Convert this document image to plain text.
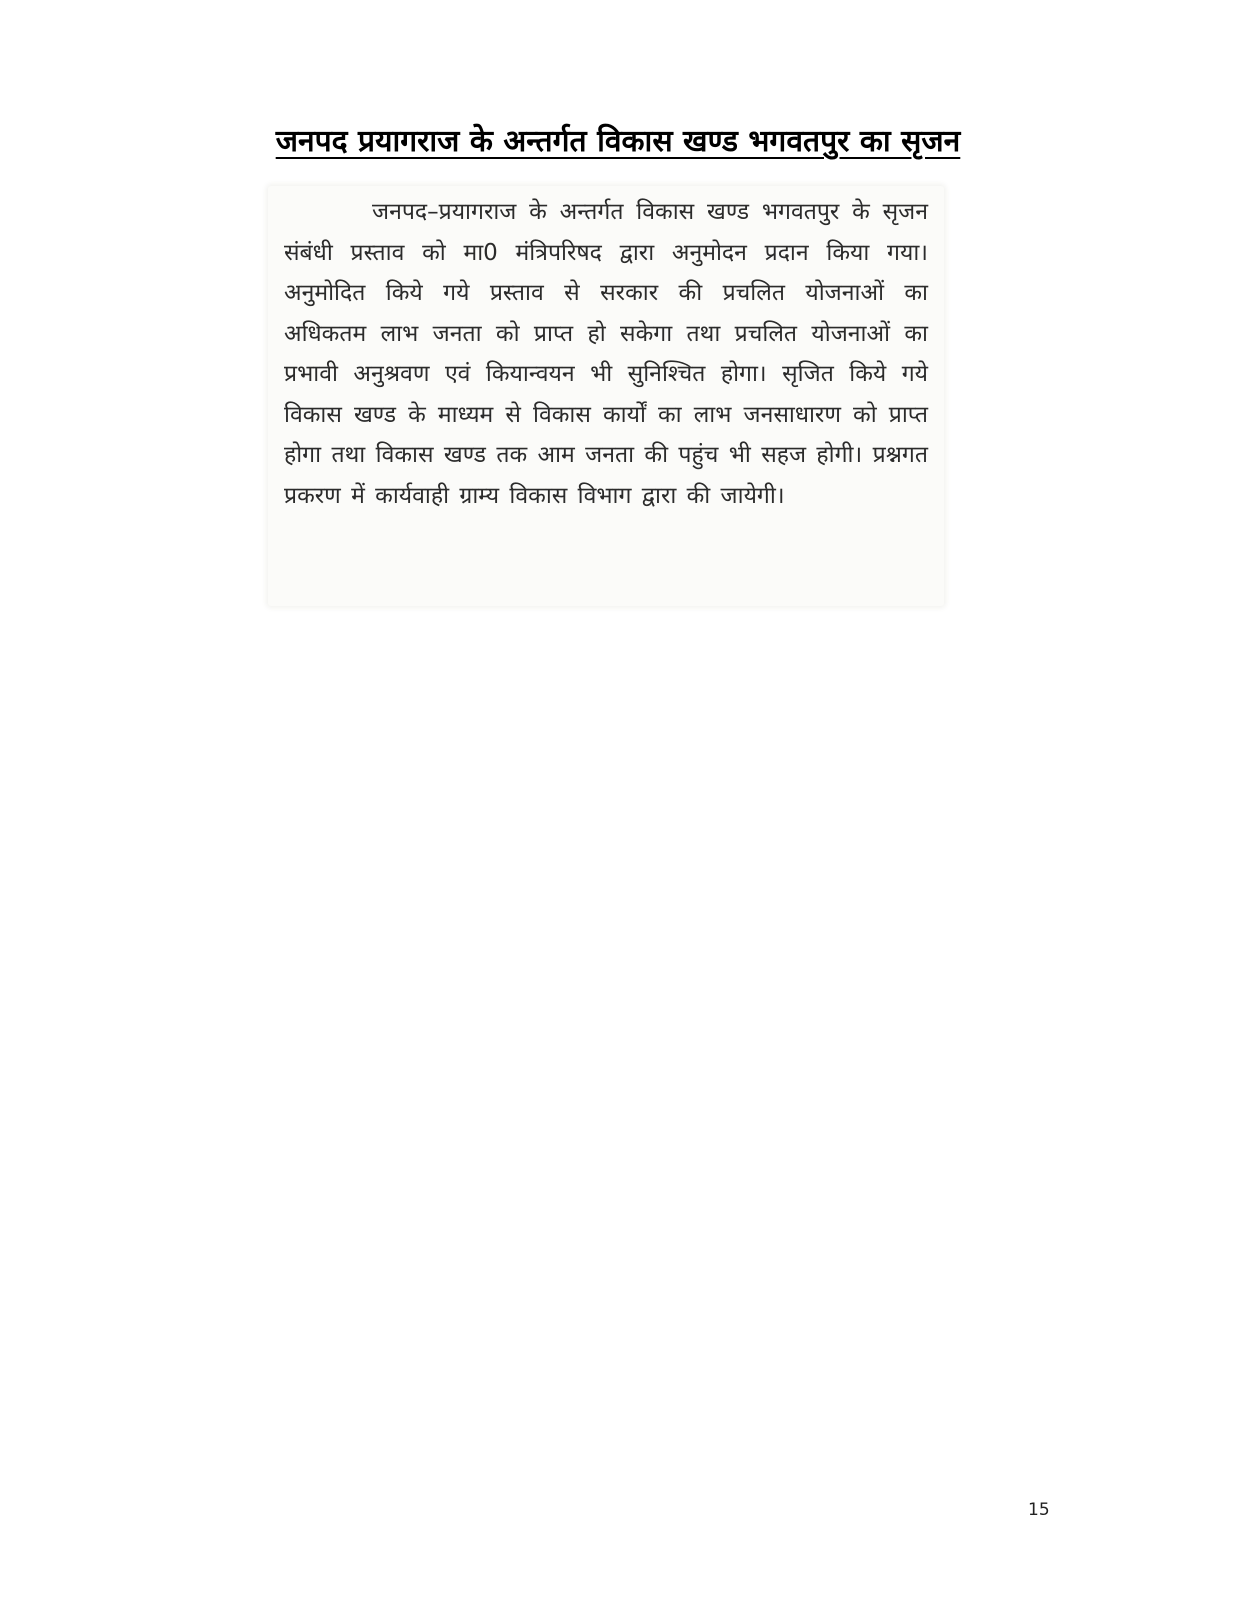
जनपद प्रयागराज के अन्तर्गत विकास खण्ड भगवतपुर का सृजन

जनपद–प्रयागराज के अन्तर्गत विकास खण्ड भगवतपुर के सृजन संबंधी प्रस्ताव को मा0 मंत्रिपरिषद द्वारा अनुमोदन प्रदान किया गया। अनुमोदित किये गये प्रस्ताव से सरकार की प्रचलित योजनाओं का अधिकतम लाभ जनता को प्राप्त हो सकेगा तथा प्रचलित योजनाओं का प्रभावी अनुश्रवण एवं कियान्वयन भी सुनिश्चित होगा। सृजित किये गये विकास खण्ड के माध्यम से विकास कार्यों का लाभ जनसाधारण को प्राप्त होगा तथा विकास खण्ड तक आम जनता की पहुंच भी सहज होगी। प्रश्नगत प्रकरण में कार्यवाही ग्राम्य विकास विभाग द्वारा की जायेगी।

15
